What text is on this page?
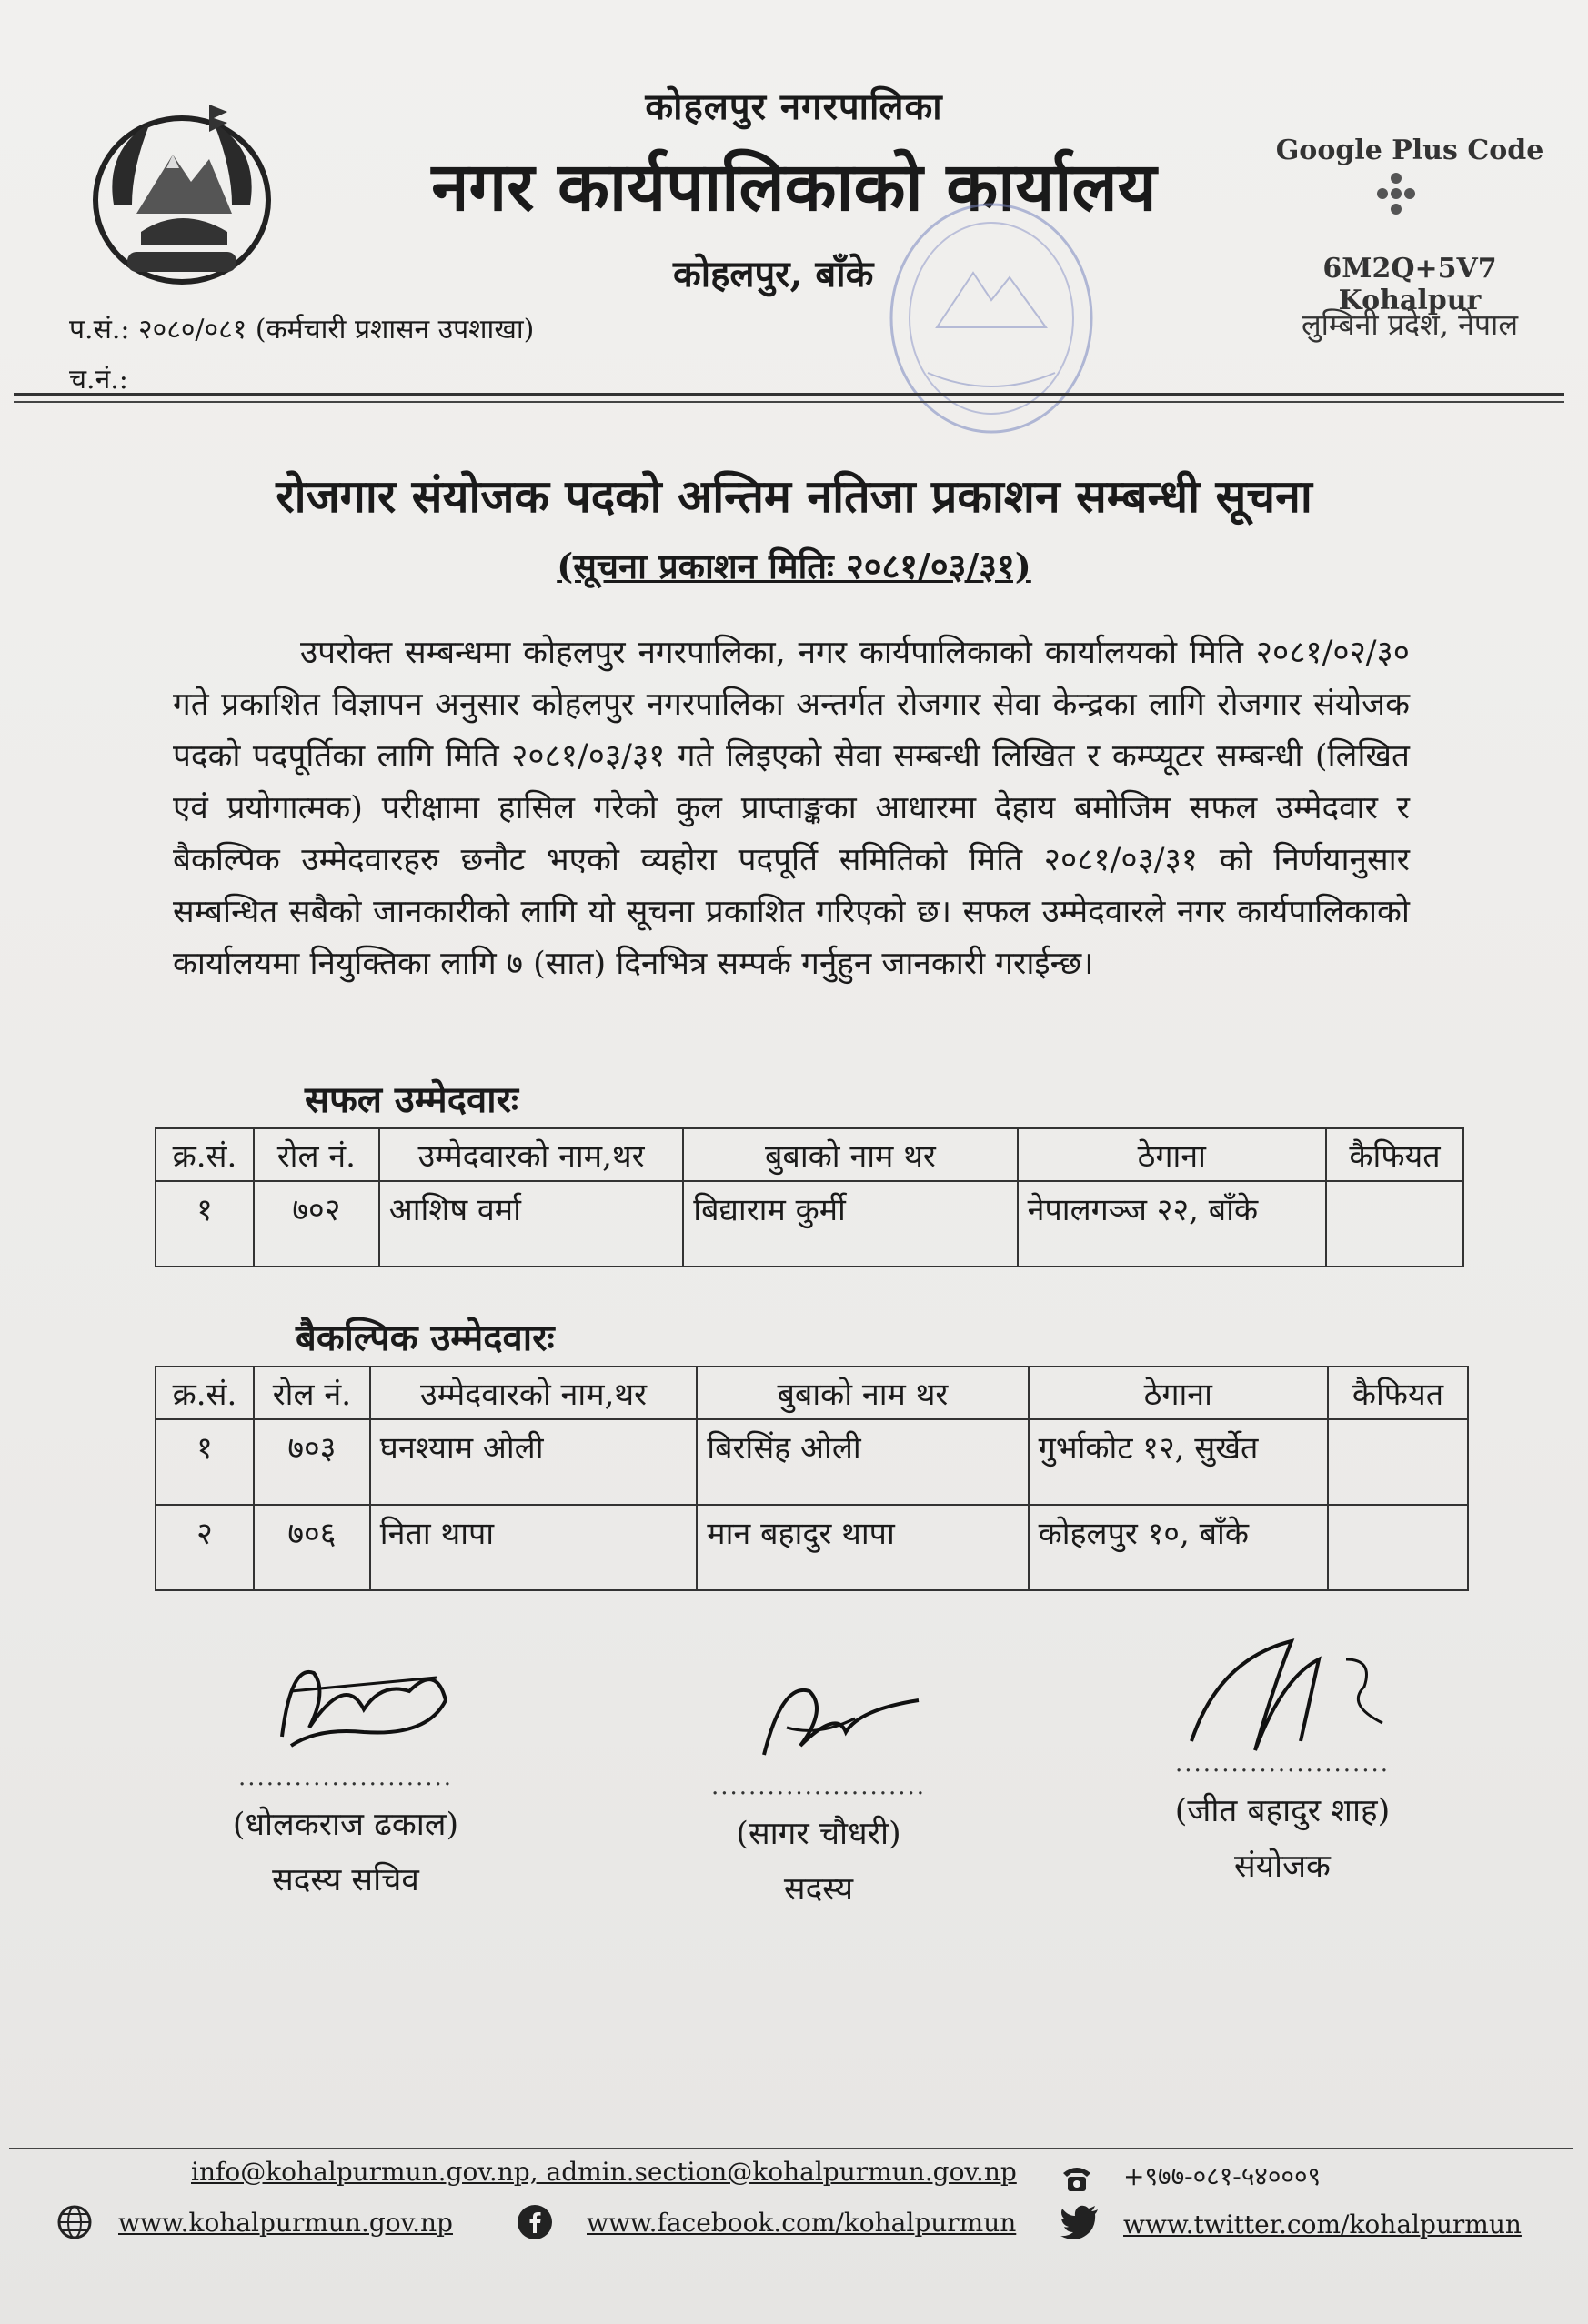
कोहलपुर नगरपालिका
नगर कार्यपालिकाको कार्यालय
कोहलपुर, बाँके
Google Plus Code
6M2Q+5V7 Kohalpur
लुम्बिनी प्रदेश, नेपाल
प.सं.: २०८०/०८१ (कर्मचारी प्रशासन उपशाखा)
च.नं.:
रोजगार संयोजक पदको अन्तिम नतिजा प्रकाशन सम्बन्धी सूचना
(सूचना प्रकाशन मितिः २०८१/०३/३१)
उपरोक्त सम्बन्धमा कोहलपुर नगरपालिका, नगर कार्यपालिकाको कार्यालयको मिति २०८१/०२/३० गते प्रकाशित विज्ञापन अनुसार कोहलपुर नगरपालिका अन्तर्गत रोजगार सेवा केन्द्रका लागि रोजगार संयोजक पदको पदपूर्तिका लागि मिति २०८१/०३/३१ गते लिइएको सेवा सम्बन्धी लिखित र कम्प्यूटर सम्बन्धी (लिखित एवं प्रयोगात्मक) परीक्षामा हासिल गरेको कुल प्राप्ताङ्कका आधारमा देहाय बमोजिम सफल उम्मेदवार र बैकल्पिक उम्मेदवारहरु छनौट भएको व्यहोरा पदपूर्ति समितिको मिति २०८१/०३/३१ को निर्णयानुसार सम्बन्धित सबैको जानकारीको लागि यो सूचना प्रकाशित गरिएको छ। सफल उम्मेदवारले नगर कार्यपालिकाको कार्यालयमा नियुक्तिका लागि ७ (सात) दिनभित्र सम्पर्क गर्नुहुन जानकारी गराईन्छ।
सफल उम्मेदवारः
क्र.सं.	रोल नं.	उम्मेदवारको नाम,थर	बुबाको नाम थर	ठेगाना	कैफियत
१	७०२	आशिष वर्मा	बिद्याराम कुर्मी	नेपालगञ्ज २२, बाँके	
बैकल्पिक उम्मेदवारः
क्र.सं.	रोल नं.	उम्मेदवारको नाम,थर	बुबाको नाम थर	ठेगाना	कैफियत
१	७०३	घनश्याम ओली	बिरसिंह ओली	गुर्भाकोट १२, सुर्खेत	
२	७०६	निता थापा	मान बहादुर थापा	कोहलपुर १०, बाँके	
.......................
(धोलकराज ढकाल)
सदस्य सचिव
.......................
(सागर चौधरी)
सदस्य
.......................
(जीत बहादुर शाह)
संयोजक
info@kohalpurmun.gov.np, admin.section@kohalpurmun.gov.np	+९७७-०८१-५४०००९
www.kohalpurmun.gov.np	www.facebook.com/kohalpurmun	www.twitter.com/kohalpurmun
